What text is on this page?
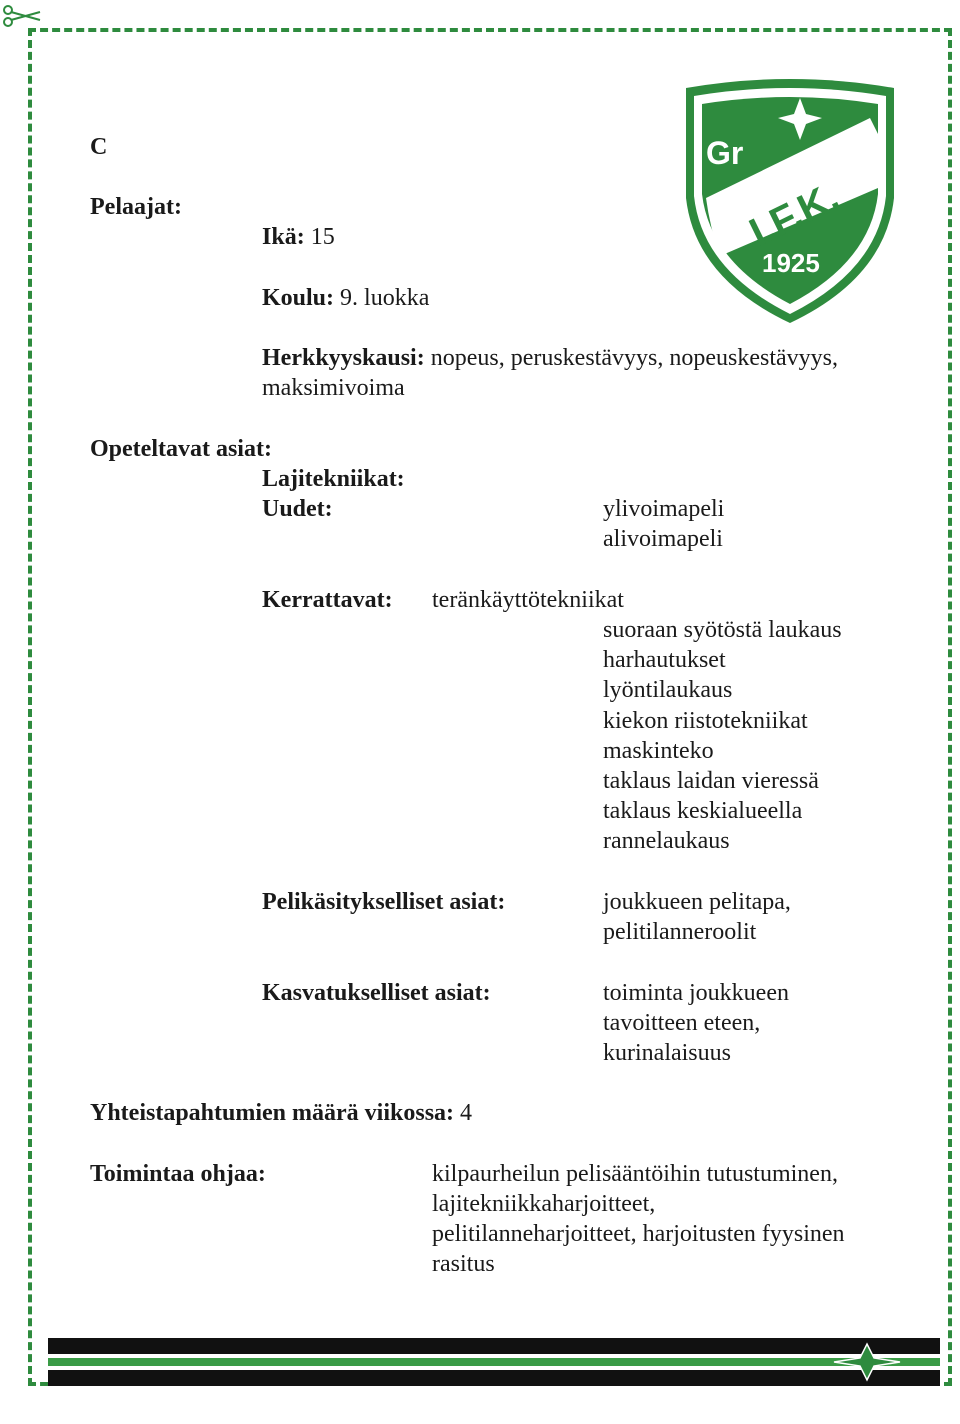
Gr
I.F.K.
1925
C
Pelaajat:
Ikä: 15
Koulu: 9. luokka
Herkkyyskausi: nopeus, peruskestävyys, nopeuskestävyys,
maksimivoima
Opeteltavat asiat:
Lajitekniikat:
Uudet:	ylivoimapeli
alivoimapeli
Kerrattavat: teränkäyttötekniikat
suoraan syötöstä laukaus
harhautukset
lyöntilaukaus
kiekon riistotekniikat
maskinteko
taklaus laidan vieressä
taklaus keskialueella
rannelaukaus
Pelikäsitykselliset asiat:	joukkueen pelitapa,
pelitilanneroolit
Kasvatukselliset asiat:	toiminta joukkueen
tavoitteen eteen,
kurinalaisuus
Yhteistapahtumien määrä viikossa: 4
Toimintaa ohjaa:	kilpaurheilun pelisääntöihin tutustuminen,
lajitekniikkaharjoitteet,
pelitilanneharjoitteet, harjoitusten fyysinen
rasitus
